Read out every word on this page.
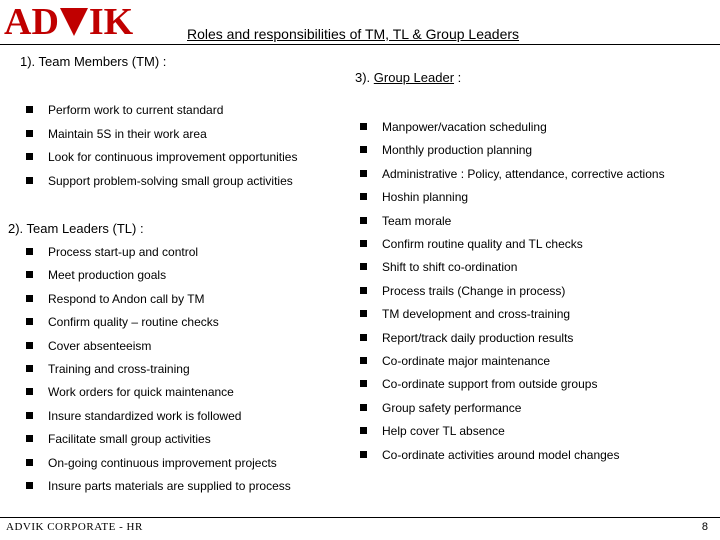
AD IK	Roles and responsibilities of TM, TL & Group Leaders
1). Team Members (TM) :
Perform work to current standard
Maintain 5S in their work area
Look for continuous improvement opportunities
Support problem-solving small group activities
2). Team Leaders (TL) :
Process start-up and control
Meet production goals
Respond to Andon call by TM
Confirm quality – routine checks
Cover absenteeism
Training and cross-training
Work orders for quick maintenance
Insure standardized work is followed
Facilitate small group activities
On-going continuous improvement projects
Insure parts materials are supplied to process
3). Group Leader :
Manpower/vacation scheduling
Monthly production planning
Administrative : Policy, attendance, corrective actions
Hoshin planning
Team morale
Confirm routine quality and TL checks
Shift to shift co-ordination
Process trails (Change in process)
TM development and cross-training
Report/track daily production results
Co-ordinate major maintenance
Co-ordinate support from outside groups
Group safety performance
Help cover TL absence
Co-ordinate activities around model changes
ADVIK CORPORATE - HR	8
